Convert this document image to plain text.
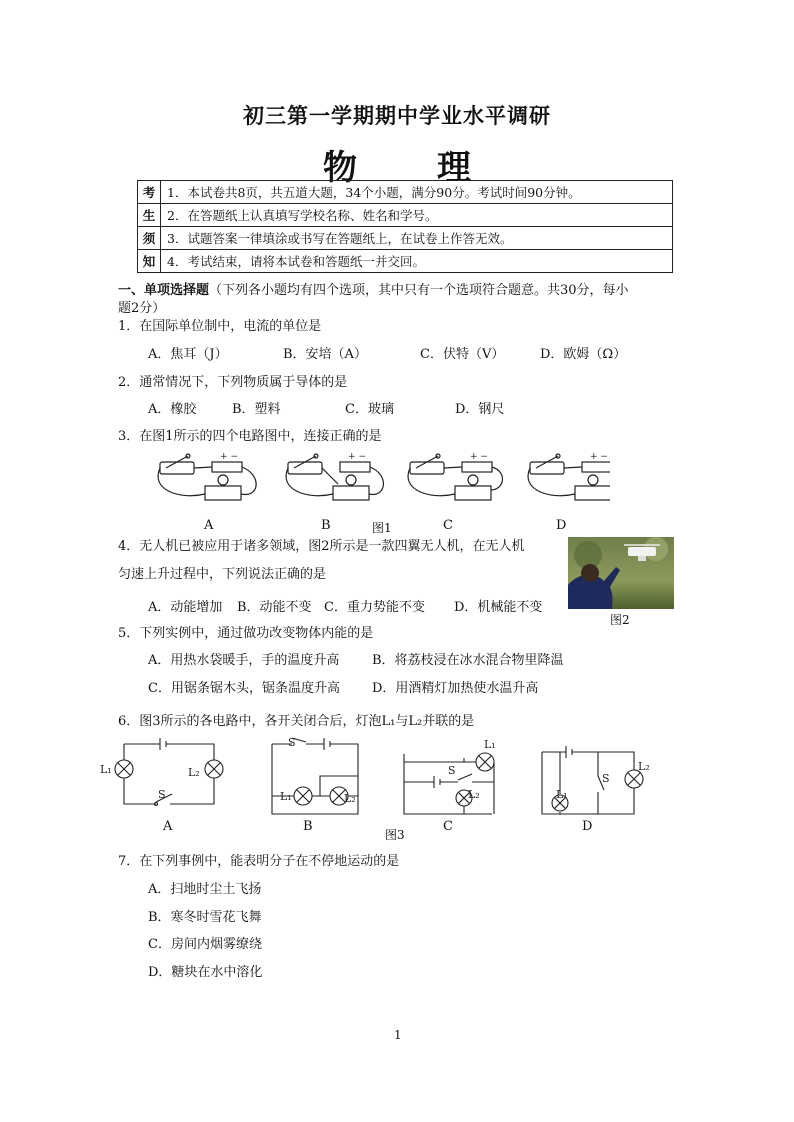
初三第一学期期中学业水平调研
物 理
考	1．本试卷共8页，共五道大题，34个小题，满分90分。考试时间90分钟。
生	2．在答题纸上认真填写学校名称、姓名和学号。
须	3．试题答案一律填涂或书写在答题纸上，在试卷上作答无效。
知	4．考试结束，请将本试卷和答题纸一并交回。
一、单项选择题（下列各小题均有四个选项，其中只有一个选项符合题意。共30分，每小
题2分）
1．在国际单位制中，电流的单位是
A．焦耳（J）	B．安培（A）	C．伏特（V）	D．欧姆（Ω）
2．通常情况下，下列物质属于导体的是
A．橡胶	B．塑料	C．玻璃	D．钢尺
3．在图1所示的四个电路图中，连接正确的是
+ −	+ −	+ −	+ −
A	B	图1	C	D
4．无人机已被应用于诸多领域，图2所示是一款四翼无人机，在无人机
匀速上升过程中，下列说法正确的是
A．动能增加 B．动能不变 C．重力势能不变 D．机械能不变
图2
5．下列实例中，通过做功改变物体内能的是
A．用热水袋暖手，手的温度升高	B．将荔枝浸在冰水混合物里降温
C．用锯条锯木头，锯条温度升高 D．用酒精灯加热使水温升高
6．图3所示的各电路中，各开关闭合后，灯泡L₁与L₂并联的是
L₁	L₂
S
S
L₁	L₂
L₁
S
L₂	L₁
S
L₂
A	B
图3
C	D
7．在下列事例中，能表明分子在不停地运动的是
A．扫地时尘土飞扬
B．寒冬时雪花飞舞
C．房间内烟雾缭绕
D．糖块在水中溶化
1
